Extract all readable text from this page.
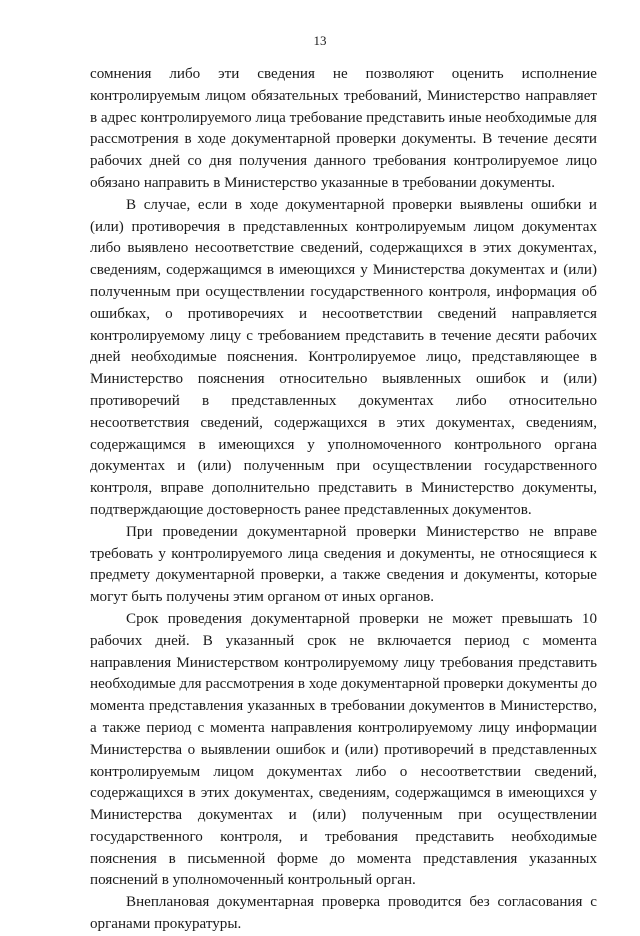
13

сомнения либо эти сведения не позволяют оценить исполнение контролируемым лицом обязательных требований, Министерство направляет в адрес контролируемого лица требование представить иные необходимые для рассмотрения в ходе документарной проверки документы. В течение десяти рабочих дней со дня получения данного требования контролируемое лицо обязано направить в Министерство указанные в требовании документы.

В случае, если в ходе документарной проверки выявлены ошибки и (или) противоречия в представленных контролируемым лицом документах либо выявлено несоответствие сведений, содержащихся в этих документах, сведениям, содержащимся в имеющихся у Министерства документах и (или) полученным при осуществлении государственного контроля, информация об ошибках, о противоречиях и несоответствии сведений направляется контролируемому лицу с требованием представить в течение десяти рабочих дней необходимые пояснения. Контролируемое лицо, представляющее в Министерство пояснения относительно выявленных ошибок и (или) противоречий в представленных документах либо относительно несоответствия сведений, содержащихся в этих документах, сведениям, содержащимся в имеющихся у уполномоченного контрольного органа документах и (или) полученным при осуществлении государственного контроля, вправе дополнительно представить в Министерство документы, подтверждающие достоверность ранее представленных документов.

При проведении документарной проверки Министерство не вправе требовать у контролируемого лица сведения и документы, не относящиеся к предмету документарной проверки, а также сведения и документы, которые могут быть получены этим органом от иных органов.

Срок проведения документарной проверки не может превышать 10 рабочих дней. В указанный срок не включается период с момента направления Министерством контролируемому лицу требования представить необходимые для рассмотрения в ходе документарной проверки документы до момента представления указанных в требовании документов в Министерство, а также период с момента направления контролируемому лицу информации Министерства о выявлении ошибок и (или) противоречий в представленных контролируемым лицом документах либо о несоответствии сведений, содержащихся в этих документах, сведениям, содержащимся в имеющихся у Министерства документах и (или) полученным при осуществлении государственного контроля, и требования представить необходимые пояснения в письменной форме до момента представления указанных пояснений в уполномоченный контрольный орган.

Внеплановая документарная проверка проводится без согласования с органами прокуратуры.
